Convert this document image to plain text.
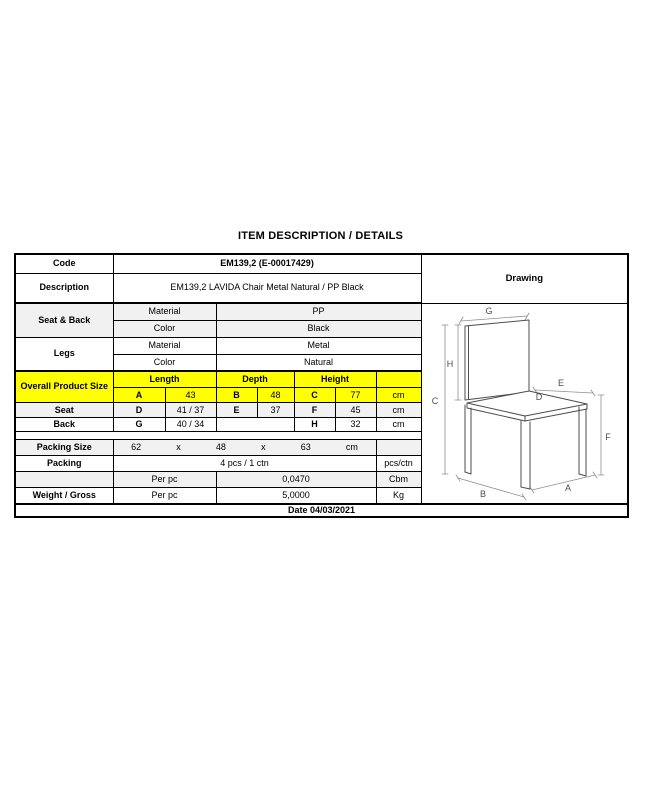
ITEM DESCRIPTION / DETAILS
Code	EM139,2 (E-00017429)							Drawing
Description	EM139,2 LAVIDA Chair Metal Natural / PP Black							
Seat & Back	Material	PP	G
C
H
E
D
F
A
B

	Color		Black					
Legs	Material		Metal					
	Color		Natural					
Overall Product Size	Length		Depth		Height			
	A	43	B	48	C	77	cm	
Seat	D	41 / 37	E	37	F	45	cm	
Back	G	40 / 34			H	32	cm	

Packing Size	62	x	48	x	63	cm

Packing	4 pcs / 1 ctn						pcs/ctn	
	Per pc		0,0470				Cbm	
Weight / Gross	Per pc		5,0000				Kg	
Date 04/03/2021								
